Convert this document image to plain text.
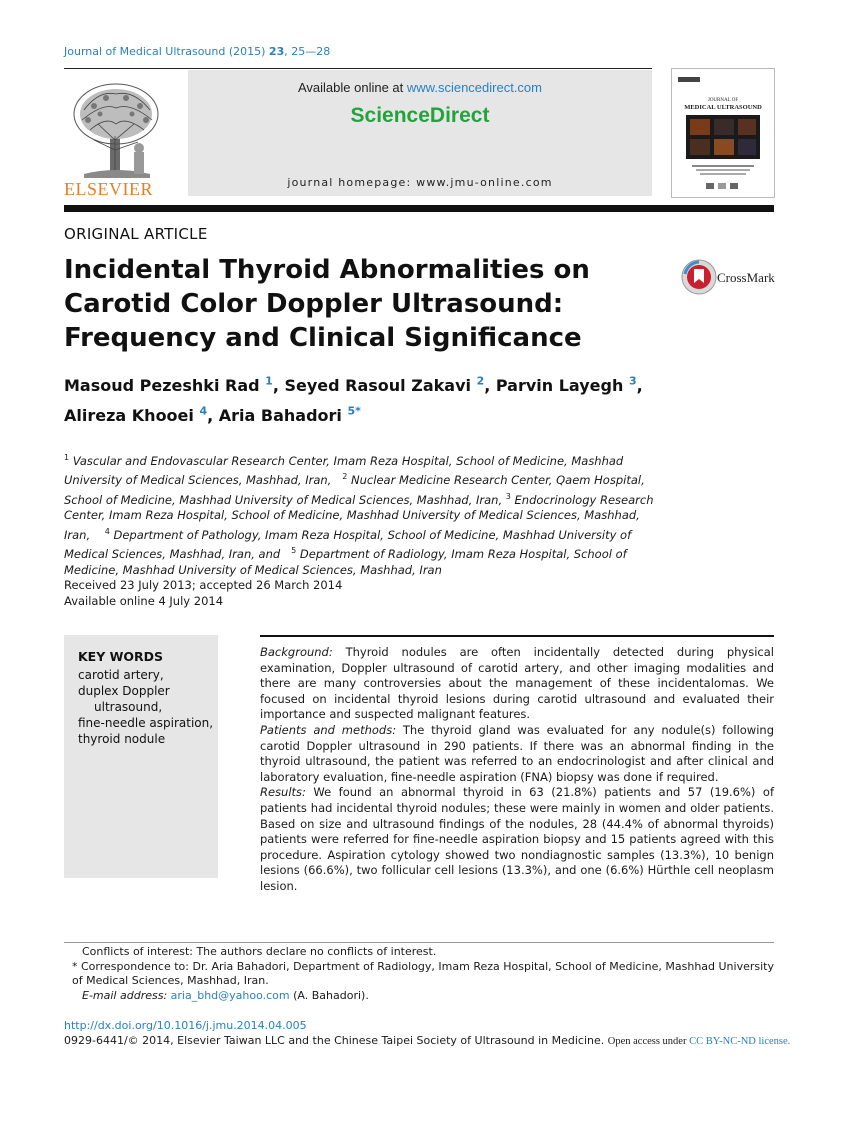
Journal of Medical Ultrasound (2015) 23, 25—28
ELSEVIER
Available online at www.sciencedirect.com
ScienceDirect
journal homepage: www.jmu-online.com
JOURNAL OF
MEDICAL ULTRASOUND
ORIGINAL ARTICLE
Incidental Thyroid Abnormalities on Carotid Color Doppler Ultrasound: Frequency and Clinical Significance
CrossMark
Masoud Pezeshki Rad $^1$, Seyed Rasoul Zakavi $^2$, Parvin Layegh $^3$, Alireza Khooei $^4$, Aria Bahadori $^{5*}$
$^1$ Vascular and Endovascular Research Center, Imam Reza Hospital, School of Medicine, Mashhad University of Medical Sciences, Mashhad, Iran, $^2$ Nuclear Medicine Research Center, Qaem Hospital, School of Medicine, Mashhad University of Medical Sciences, Mashhad, Iran, $^3$ Endocrinology Research Center, Imam Reza Hospital, School of Medicine, Mashhad University of Medical Sciences, Mashhad, Iran, $^4$ Department of Pathology, Imam Reza Hospital, School of Medicine, Mashhad University of Medical Sciences, Mashhad, Iran, and $^5$ Department of Radiology, Imam Reza Hospital, School of Medicine, Mashhad University of Medical Sciences, Mashhad, Iran
Received 23 July 2013; accepted 26 March 2014
Available online 4 July 2014
KEY WORDS

carotid artery,

duplex Doppler ultrasound,

fine-needle aspiration,

thyroid nodule

Background: Thyroid nodules are often incidentally detected during physical examination, Doppler ultrasound of carotid artery, and other imaging modalities and there are many controversies about the management of these incidentalomas. We focused on incidental thyroid lesions during carotid ultrasound and evaluated their importance and suspected malignant features.

Patients and methods: The thyroid gland was evaluated for any nodule(s) following carotid Doppler ultrasound in 290 patients. If there was an abnormal finding in the thyroid ultrasound, the patient was referred to an endocrinologist and after clinical and laboratory evaluation, fine-needle aspiration (FNA) biopsy was done if required.

Results: We found an abnormal thyroid in 63 (21.8%) patients and 57 (19.6%) of patients had incidental thyroid nodules; these were mainly in women and older patients. Based on size and ultrasound findings of the nodules, 28 (44.4% of abnormal thyroids) patients were referred for fine-needle aspiration biopsy and 15 patients agreed with this procedure. Aspiration cytology showed two nondiagnostic samples (13.3%), 10 benign lesions (66.6%), two follicular cell lesions (13.3%), and one (6.6%) Hürthle cell neoplasm lesion.

Conflicts of interest: The authors declare no conflicts of interest.

* Correspondence to: Dr. Aria Bahadori, Department of Radiology, Imam Reza Hospital, School of Medicine, Mashhad University of Medical Sciences, Mashhad, Iran.

E-mail address: aria_bhd@yahoo.com (A. Bahadori).

http://dx.doi.org/10.1016/j.jmu.2014.04.005
0929-6441/© 2014, Elsevier Taiwan LLC and the Chinese Taipei Society of Ultrasound in Medicine. Open access under CC BY-NC-ND license.
